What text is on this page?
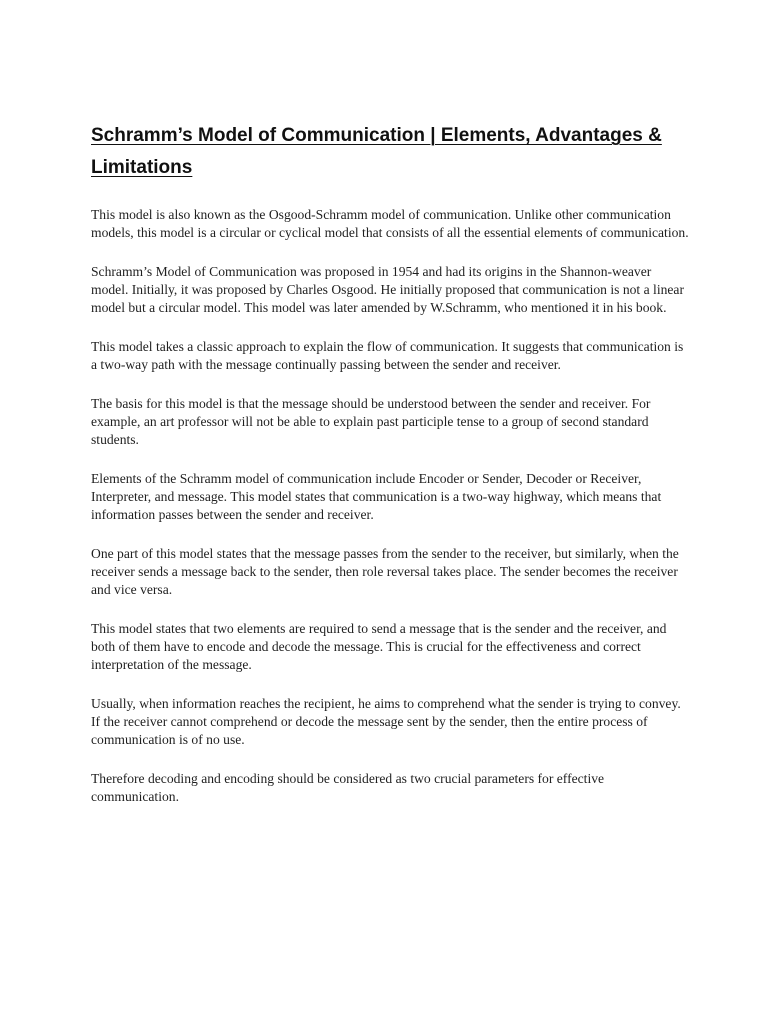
Schramm’s Model of Communication | Elements, Advantages & Limitations

This model is also known as the Osgood-Schramm model of communication. Unlike other communication models, this model is a circular or cyclical model that consists of all the essential elements of communication.

Schramm’s Model of Communication was proposed in 1954 and had its origins in the Shannon-weaver model. Initially, it was proposed by Charles Osgood. He initially proposed that communication is not a linear model but a circular model. This model was later amended by W.Schramm, who mentioned it in his book.

This model takes a classic approach to explain the flow of communication. It suggests that communication is a two-way path with the message continually passing between the sender and receiver.

The basis for this model is that the message should be understood between the sender and receiver. For example, an art professor will not be able to explain past participle tense to a group of second standard students.

Elements of the Schramm model of communication include Encoder or Sender, Decoder or Receiver, Interpreter, and message. This model states that communication is a two-way highway, which means that information passes between the sender and receiver.

One part of this model states that the message passes from the sender to the receiver, but similarly, when the receiver sends a message back to the sender, then role reversal takes place. The sender becomes the receiver and vice versa.

This model states that two elements are required to send a message that is the sender and the receiver, and both of them have to encode and decode the message. This is crucial for the effectiveness and correct interpretation of the message.

Usually, when information reaches the recipient, he aims to comprehend what the sender is trying to convey. If the receiver cannot comprehend or decode the message sent by the sender, then the entire process of communication is of no use.

Therefore decoding and encoding should be considered as two crucial parameters for effective communication.
